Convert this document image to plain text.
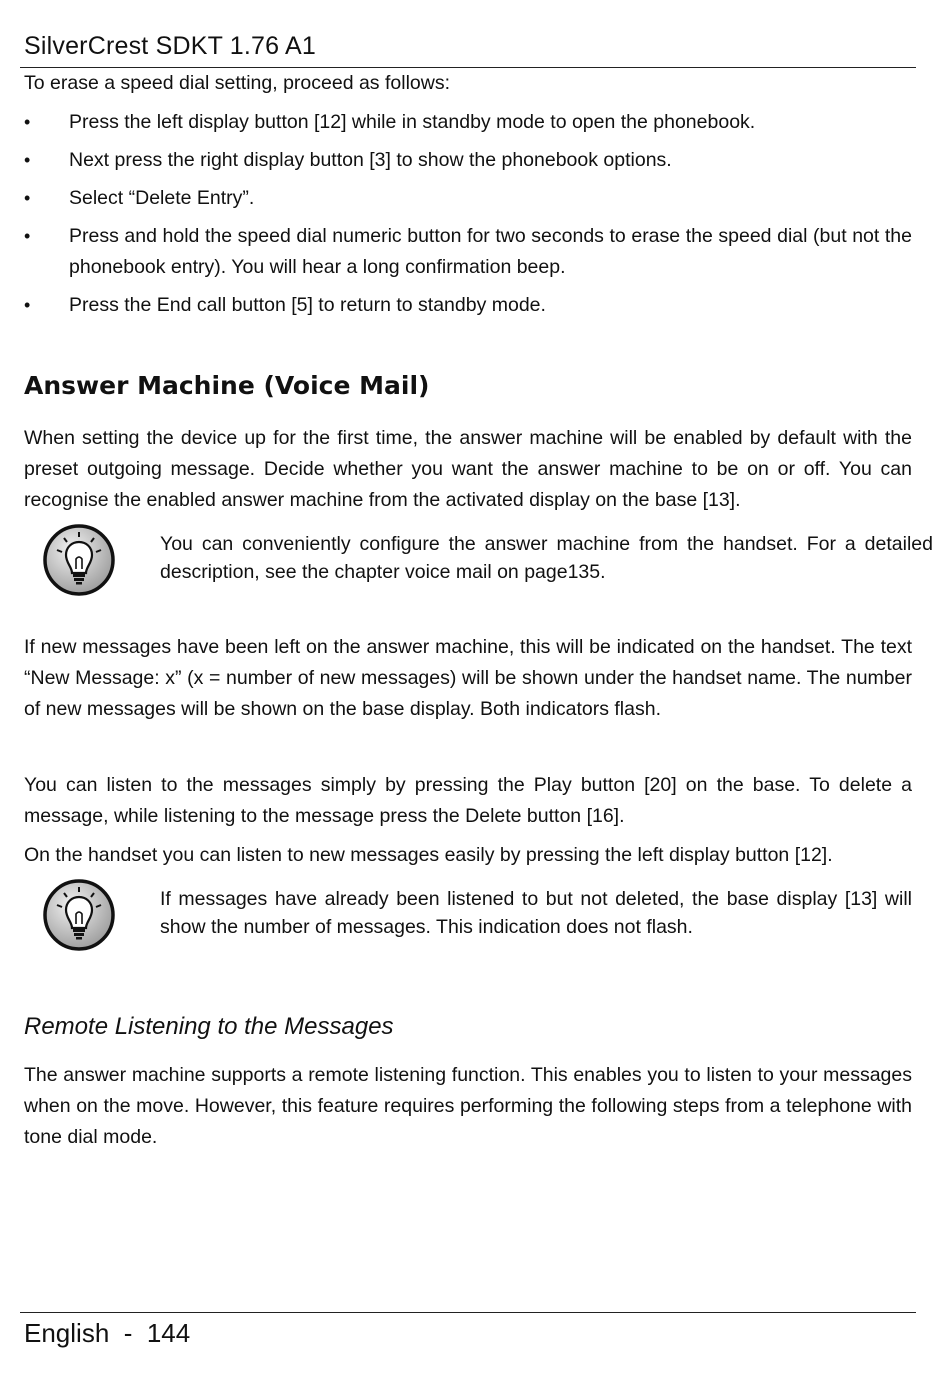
SilverCrest SDKT 1.76 A1
To erase a speed dial setting, proceed as follows:
•	Press the left display button [12] while in standby mode to open the phonebook.
•	Next press the right display button [3] to show the phonebook options.
•	Select “Delete Entry”.
•	Press and hold the speed dial numeric button for two seconds to erase the speed dial (but not the phonebook entry). You will hear a long confirmation beep.
•	Press the End call button [5] to return to standby mode.
Answer Machine (Voice Mail)
When setting the device up for the first time, the answer machine will be enabled by default with the preset outgoing message. Decide whether you want the answer machine to be on or off. You can recognise the enabled answer machine from the activated display on the base [13].
You can conveniently configure the answer machine from the handset. For a detailed description, see the chapter voice mail on page135.
If new messages have been left on the answer machine, this will be indicated on the handset. The text “New Message: x” (x = number of new messages) will be shown under the handset name. The number of new messages will be shown on the base display. Both indicators flash.
You can listen to the messages simply by pressing the Play button [20] on the base. To delete a message, while listening to the message press the Delete button [16].
On the handset you can listen to new messages easily by pressing the left display button [12].
If messages have already been listened to but not deleted, the base display [13] will show the number of messages. This indication does not flash.
Remote Listening to the Messages
The answer machine supports a remote listening function. This enables you to listen to your messages when on the move. However, this feature requires performing the following steps from a telephone with tone dial mode.
English  -  144
